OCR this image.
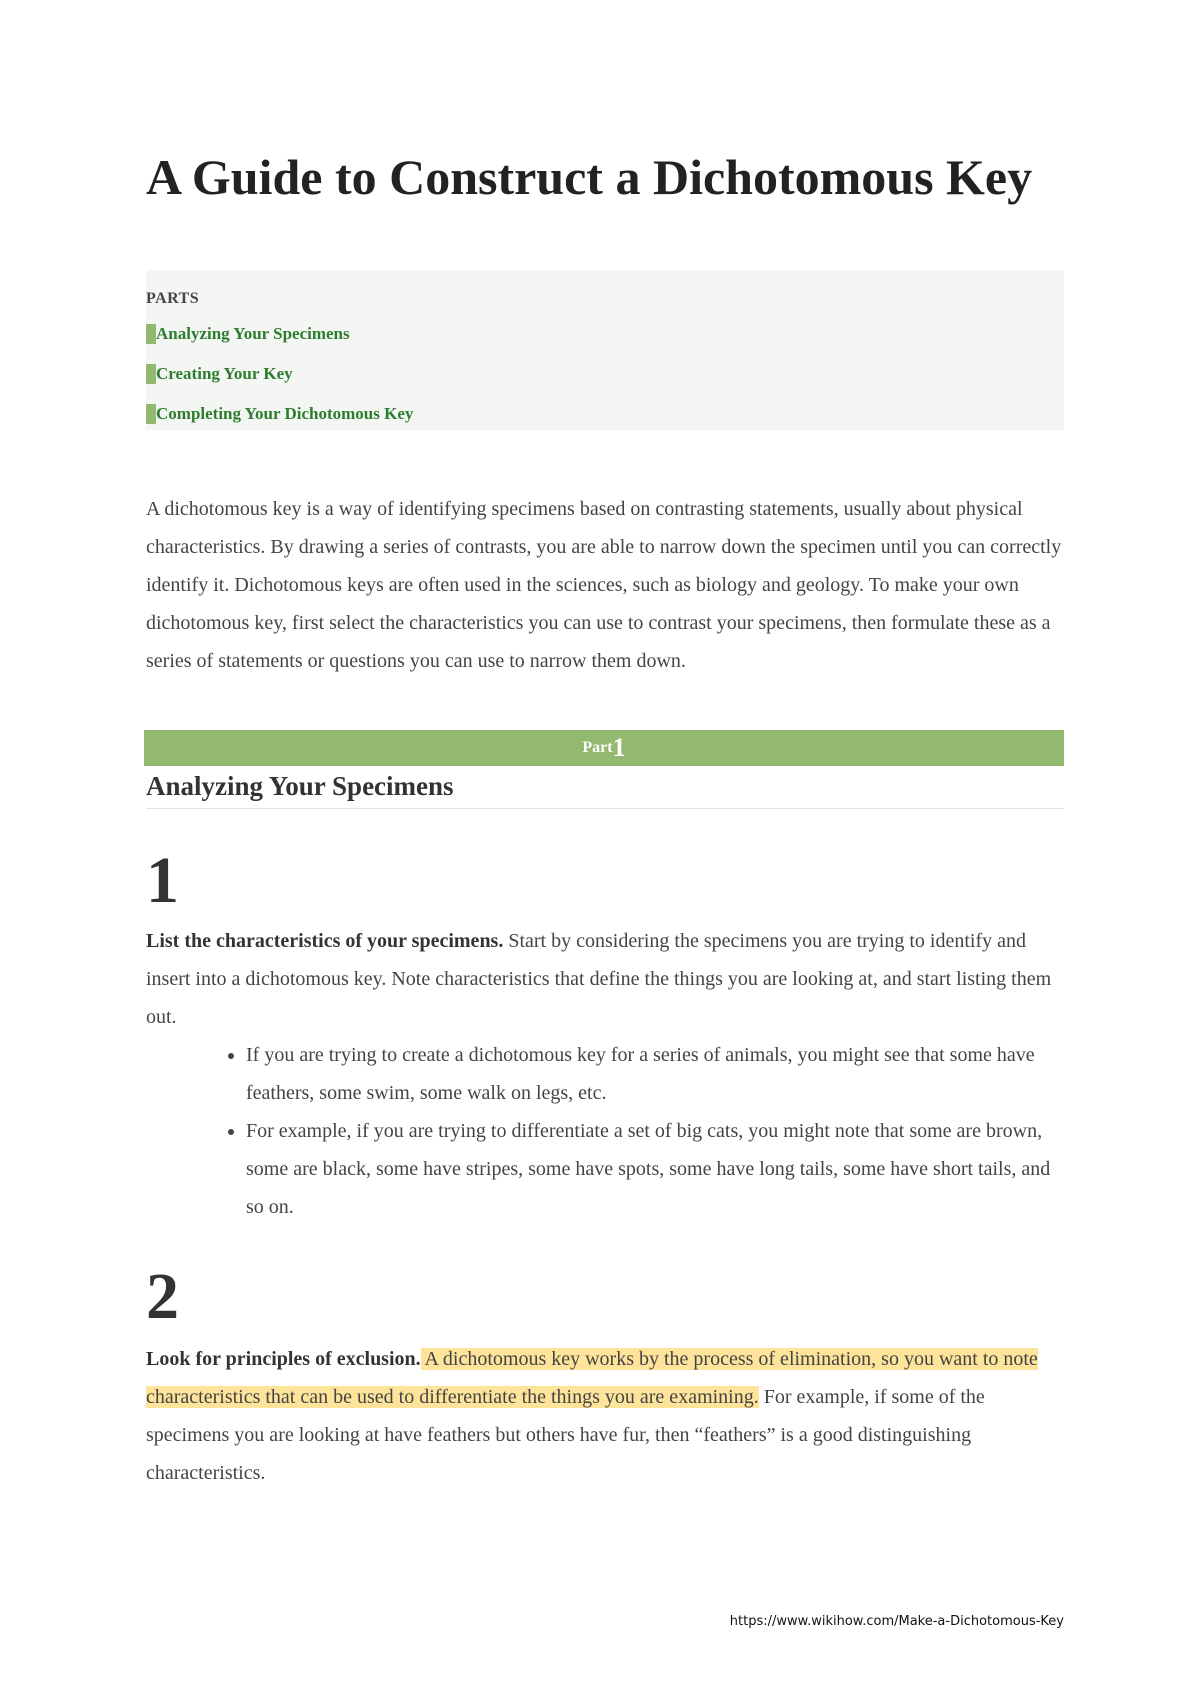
A Guide to Construct a Dichotomous Key
PARTS
1 Analyzing Your Specimens
2 Creating Your Key
3 Completing Your Dichotomous Key

A dichotomous key is a way of identifying specimens based on contrasting statements, usually about physical characteristics. By drawing a series of contrasts, you are able to narrow down the specimen until you can correctly identify it. Dichotomous keys are often used in the sciences, such as biology and geology. To make your own dichotomous key, first select the characteristics you can use to contrast your specimens, then formulate these as a series of statements or questions you can use to narrow them down.

Part1
Analyzing Your Specimens
1

List the characteristics of your specimens. Start by considering the specimens you are trying to identify and insert into a dichotomous key. Note characteristics that define the things you are looking at, and start listing them out.

• If you are trying to create a dichotomous key for a series of animals, you might see that some have feathers, some swim, some walk on legs, etc.
• For example, if you are trying to differentiate a set of big cats, you might note that some are brown, some are black, some have stripes, some have spots, some have long tails, some have short tails, and so on.
2

Look for principles of exclusion. A dichotomous key works by the process of elimination, so you want to note characteristics that can be used to differentiate the things you are examining. For example, if some of the specimens you are looking at have feathers but others have fur, then “feathers” is a good distinguishing characteristics.

https://www.wikihow.com/Make-a-Dichotomous-Key
